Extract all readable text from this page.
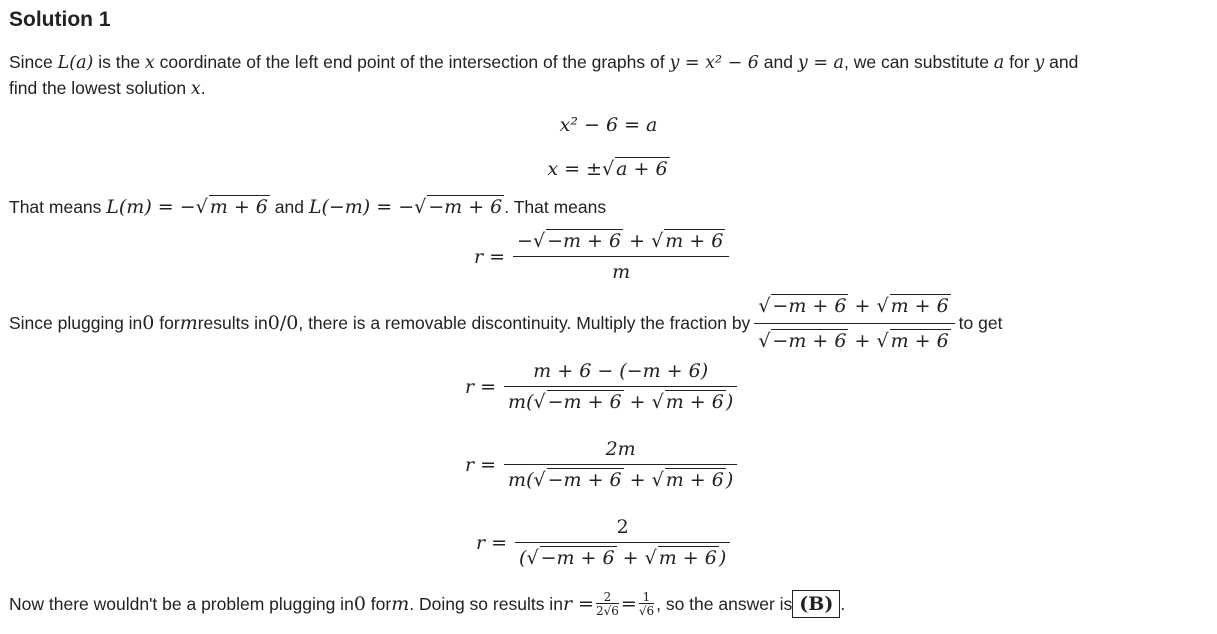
Solution 1
Since L(a) is the x coordinate of the left end point of the intersection of the graphs of y = x² − 6 and y = a, we can substitute a for y and
find the lowest solution x.
x² − 6 = a
x = ±√ a + 6
That means L(m) = −√ m + 6 and L(−m) = −√ −m + 6 . That means
$r = \frac{-√ -m + 6 + √ m + 6}{m}$
Since plugging in 0
for m results in 0/0 , there is a removable discontinuity. Multiply the fraction by $\frac{√ -m + 6 + √ m + 6}{√ -m + 6 + √ m + 6}$ to get
$r = \frac{m + 6 - (-m + 6)}{m(√ -m + 6 + √ m + 6 )}$
$r = \frac{2m}{m(√ -m + 6 + √ m + 6 )}$
$r = \frac{2}{(√ -m + 6 + √ m + 6 )}$
Now there wouldn't be a problem plugging in 0
for m . Doing so results in $r = \frac{2}{2√6} = \frac{1}{√6}$ , so the answer is (B) .
